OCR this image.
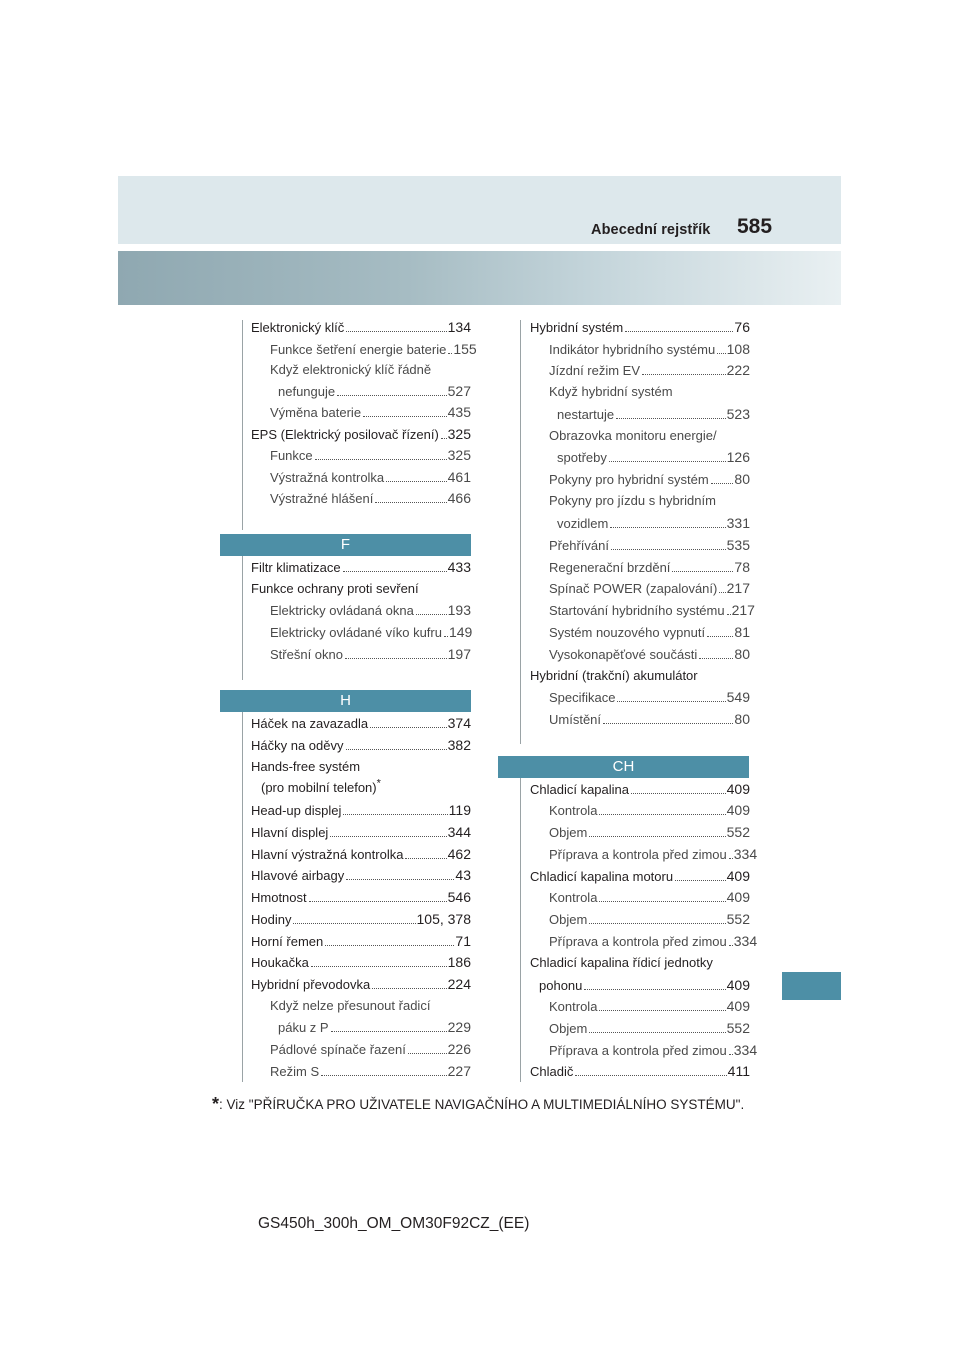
Abecední rejstřík 585
Elektronický klíč	134
Funkce šetření energie baterie 155
Když elektronický klíč řádně
nefunguje	527
Výměna baterie	435
EPS (Elektrický posilovač řízení) 325
Funkce	325
Výstražná kontrolka	461
Výstražné hlášení	466
F
Filtr klimatizace	433
Funkce ochrany proti sevření
Elektricky ovládaná okna 193
Elektricky ovládané víko kufru 149
Střešní okno	197
H
Háček na zavazadla	374
Háčky na oděvy	382
Hands-free systém
(pro mobilní telefon)*
Head-up displej	119
Hlavní displej	344
Hlavní výstražná kontrolka	462
Hlavové airbagy	43
Hmotnost	546
Hodiny	105, 378
Horní řemen	71
Houkačka	186
Hybridní převodovka	224
Když nelze přesunout řadicí
páku z P	229
Pádlové spínače řazení	226
Režim S	227
Hybridní systém	76
Indikátor hybridního systému 108
Jízdní režim EV	222
Když hybridní systém
nestartuje	523
Obrazovka monitoru energie/
spotřeby	126
Pokyny pro hybridní systém 80
Pokyny pro jízdu s hybridním
vozidlem	331
Přehřívání	535
Regenerační brzdění	78
Spínač POWER (zapalování) 217
Startování hybridního systému 217
Systém nouzového vypnutí 81
Vysokonapěťové součásti	80
Hybridní (trakční) akumulátor
Specifikace	549
Umístění	80
CH
Chladicí kapalina	409
Kontrola	409
Objem	552
Příprava a kontrola před zimou 334
Chladicí kapalina motoru	409
Kontrola	409
Objem	552
Příprava a kontrola před zimou 334
Chladicí kapalina řídicí jednotky
pohonu	409
Kontrola	409
Objem	552
Příprava a kontrola před zimou 334
Chladič	411
*: Viz "PŘÍRUČKA PRO UŽIVATELE NAVIGAČNÍHO A MULTIMEDIÁLNÍHO SYSTÉMU".
GS450h_300h_OM_OM30F92CZ_(EE)
